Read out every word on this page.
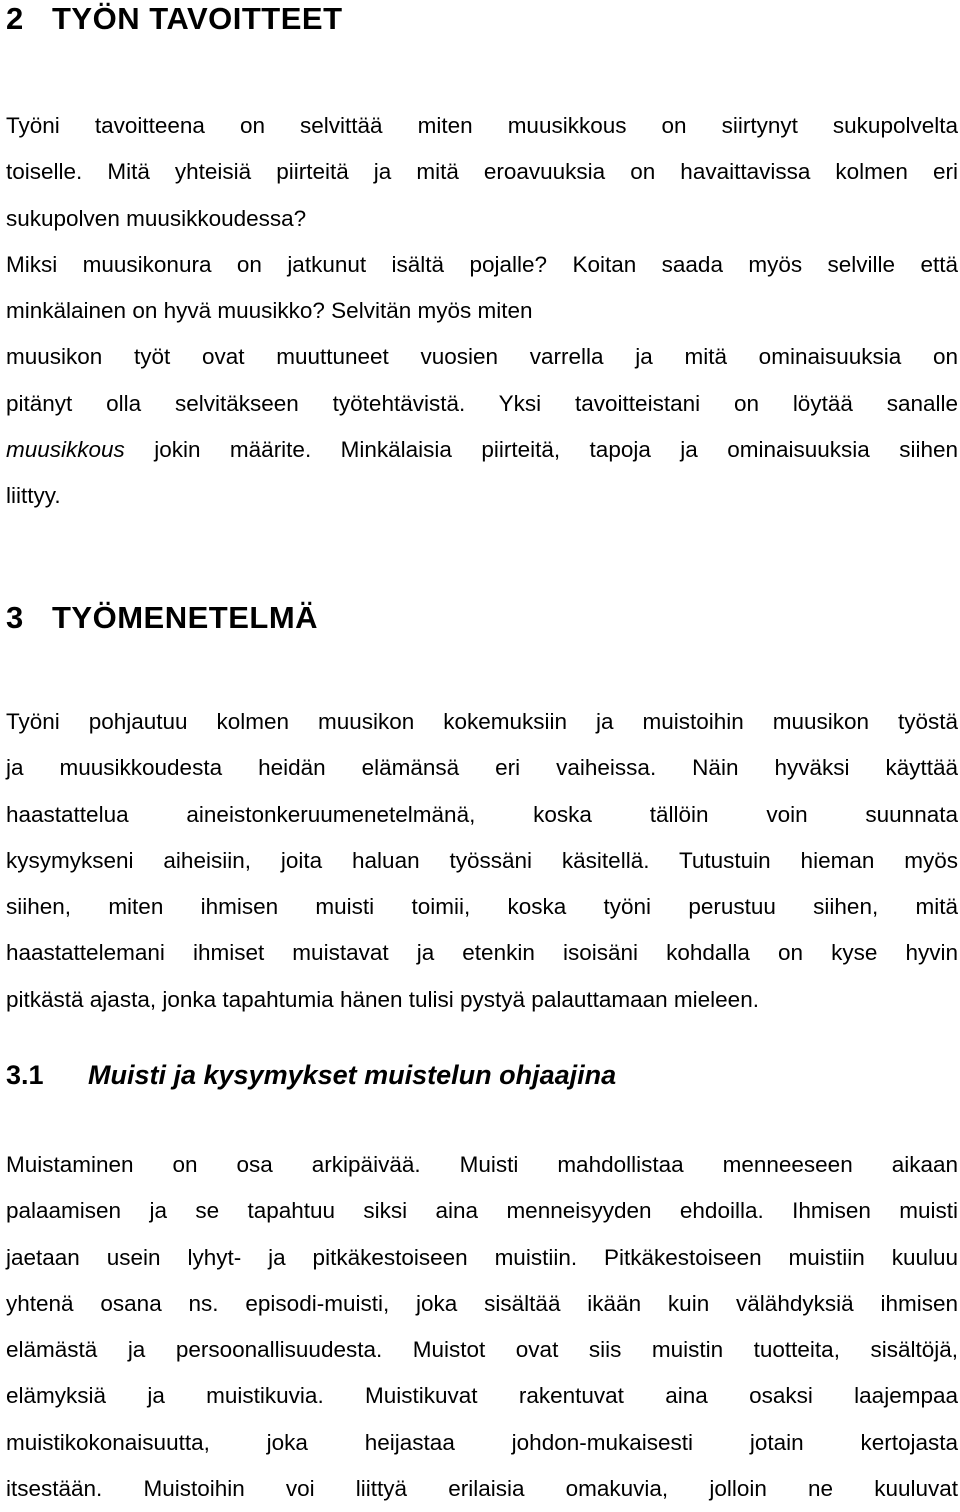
2 TYÖN TAVOITTEET
Työni tavoitteena on selvittää miten muusikkous on siirtynyt sukupolvelta
toiselle. Mitä yhteisiä piirteitä ja mitä eroavuuksia on havaittavissa kolmen eri
sukupolven muusikkoudessa?
Miksi muusikonura on jatkunut isältä pojalle? Koitan saada myös selville että
minkälainen on hyvä muusikko? Selvitän myös miten
muusikon työt ovat muuttuneet vuosien varrella ja mitä ominaisuuksia on
pitänyt olla selvitäkseen työtehtävistä. Yksi tavoitteistani on löytää sanalle
muusikkous jokin määrite. Minkälaisia piirteitä, tapoja ja ominaisuuksia siihen
liittyy.
3 TYÖMENETELMÄ
Työni pohjautuu kolmen muusikon kokemuksiin ja muistoihin muusikon työstä
ja muusikkoudesta heidän elämänsä eri vaiheissa. Näin hyväksi käyttää
haastattelua aineistonkeruumenetelmänä, koska tällöin voin suunnata
kysymykseni aiheisiin, joita haluan työssäni käsitellä. Tutustuin hieman myös
siihen, miten ihmisen muisti toimii, koska työni perustuu siihen, mitä
haastattelemani ihmiset muistavat ja etenkin isoisäni kohdalla on kyse hyvin
pitkästä ajasta, jonka tapahtumia hänen tulisi pystyä palauttamaan mieleen.
3.1 Muisti ja kysymykset muistelun ohjaajina
Muistaminen on osa arkipäivää. Muisti mahdollistaa menneeseen aikaan
palaamisen ja se tapahtuu siksi aina menneisyyden ehdoilla. Ihmisen muisti
jaetaan usein lyhyt- ja pitkäkestoiseen muistiin. Pitkäkestoiseen muistiin kuuluu
yhtenä osana ns. episodi-muisti, joka sisältää ikään kuin välähdyksiä ihmisen
elämästä ja persoonallisuudesta. Muistot ovat siis muistin tuotteita, sisältöjä,
elämyksiä ja muistikuvia. Muistikuvat rakentuvat aina osaksi laajempaa
muistikokonaisuutta, joka heijastaa johdon-mukaisesti jotain kertojasta
itsestään. Muistoihin voi liittyä erilaisia omakuvia, jolloin ne kuuluvat
